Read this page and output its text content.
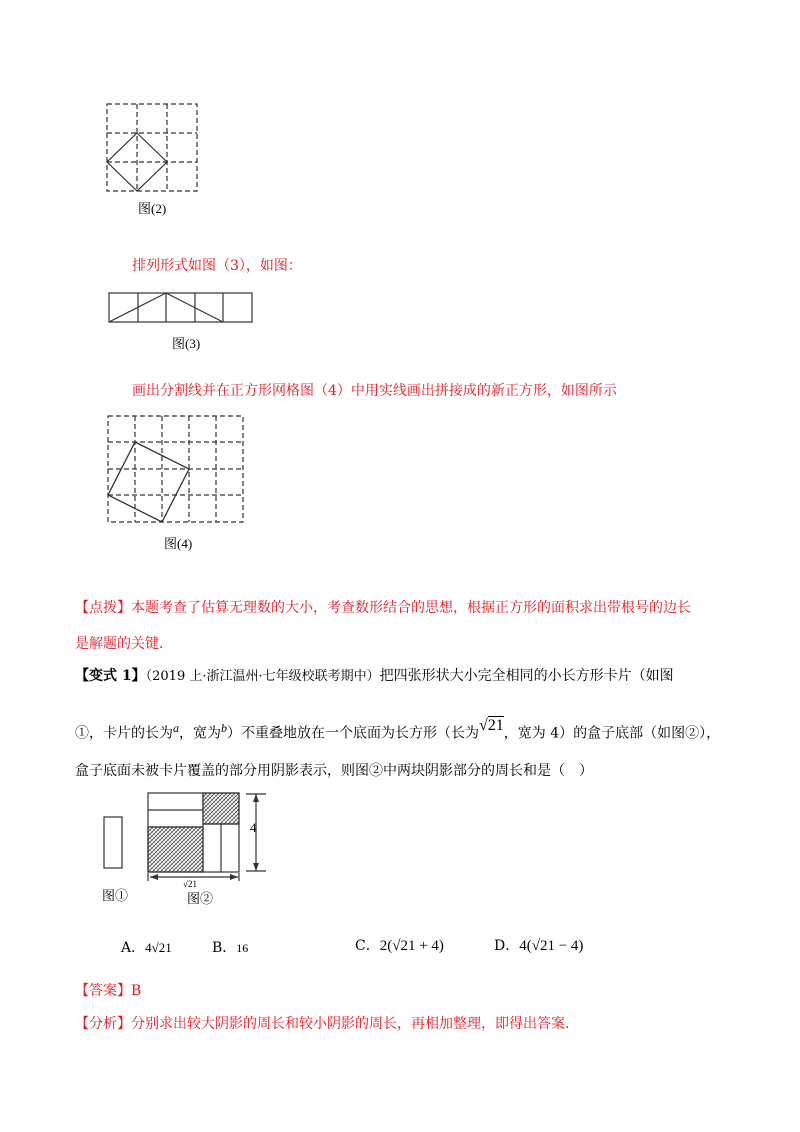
图(2)
排列形式如图（3），如图：
图(3)
画出分割线并在正方形网格图（4）中用实线画出拼接成的新正方形，如图所示
图(4)
【点拨】本题考查了估算无理数的大小，考查数形结合的思想，根据正方形的面积求出带根号的边长
是解题的关键．
【变式 1】（2019 上·浙江温州·七年级校联考期中）把四张形状大小完全相同的小长方形卡片（如图
①，卡片的长为$^a$，宽为$^b$）不重叠地放在一个底面为长方形（长为√21，宽为 4）的盒子底部（如图②），
盒子底面未被卡片覆盖的部分用阴影表示，则图②中两块阴影部分的周长和是（　）
4
√21
图①	图②
A．4√21	B．16	C．2(√21 + 4)	D．4(√21 − 4)
【答案】B
【分析】分别求出较大阴影的周长和较小阴影的周长，再相加整理，即得出答案．
